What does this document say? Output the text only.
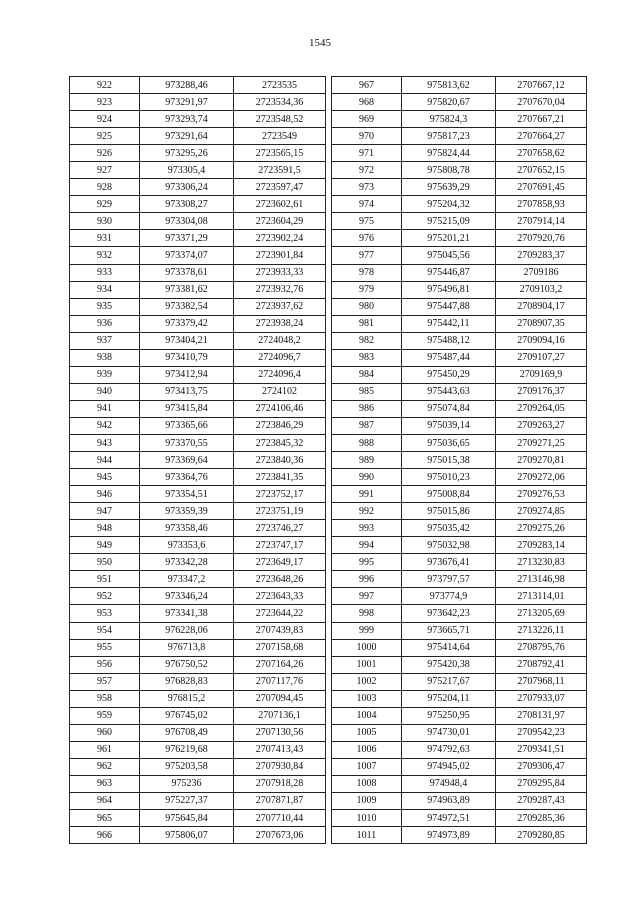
1545
922	973288,46	2723535
923	973291,97	2723534,36
924	973293,74	2723548,52
925	973291,64	2723549
926	973295,26	2723565,15
927	973305,4	2723591,5
928	973306,24	2723597,47
929	973308,27	2723602,61
930	973304,08	2723604,29
931	973371,29	2723902,24
932	973374,07	2723901,84
933	973378,61	2723933,33
934	973381,62	2723932,76
935	973382,54	2723937,62
936	973379,42	2723938,24
937	973404,21	2724048,2
938	973410,79	2724096,7
939	973412,94	2724096,4
940	973413,75	2724102
941	973415,84	2724106,46
942	973365,66	2723846,29
943	973370,55	2723845,32
944	973369,64	2723840,36
945	973364,76	2723841,35
946	973354,51	2723752,17
947	973359,39	2723751,19
948	973358,46	2723746,27
949	973353,6	2723747,17
950	973342,28	2723649,17
951	973347,2	2723648,26
952	973346,24	2723643,33
953	973341,38	2723644,22
954	976228,06	2707439,83
955	976713,8	2707158,68
956	976750,52	2707164,26
957	976828,83	2707117,76
958	976815,2	2707094,45
959	976745,02	2707136,1
960	976708,49	2707130,56
961	976219,68	2707413,43
962	975203,58	2707930,84
963	975236	2707918,28
964	975227,37	2707871,87
965	975645,84	2707710,44
966	975806,07	2707673,06
967	975813,62	2707667,12
968	975820,67	2707670,04
969	975824,3	2707667,21
970	975817,23	2707664,27
971	975824,44	2707658,62
972	975808,78	2707652,15
973	975639,29	2707691,45
974	975204,32	2707858,93
975	975215,09	2707914,14
976	975201,21	2707920,76
977	975045,56	2709283,37
978	975446,87	2709186
979	975496,81	2709103,2
980	975447,88	2708904,17
981	975442,11	2708907,35
982	975488,12	2709094,16
983	975487,44	2709107,27
984	975450,29	2709169,9
985	975443,63	2709176,37
986	975074,84	2709264,05
987	975039,14	2709263,27
988	975036,65	2709271,25
989	975015,38	2709270,81
990	975010,23	2709272,06
991	975008,84	2709276,53
992	975015,86	2709274,85
993	975035,42	2709275,26
994	975032,98	2709283,14
995	973676,41	2713230,83
996	973797,57	2713146,98
997	973774,9	2713114,01
998	973642,23	2713205,69
999	973665,71	2713226,11
1000	975414,64	2708795,76
1001	975420,38	2708792,41
1002	975217,67	2707968,11
1003	975204,11	2707933,07
1004	975250,95	2708131,97
1005	974730,01	2709542,23
1006	974792,63	2709341,51
1007	974945,02	2709306,47
1008	974948,4	2709295,84
1009	974963,89	2709287,43
1010	974972,51	2709285,36
1011	974973,89	2709280,85
